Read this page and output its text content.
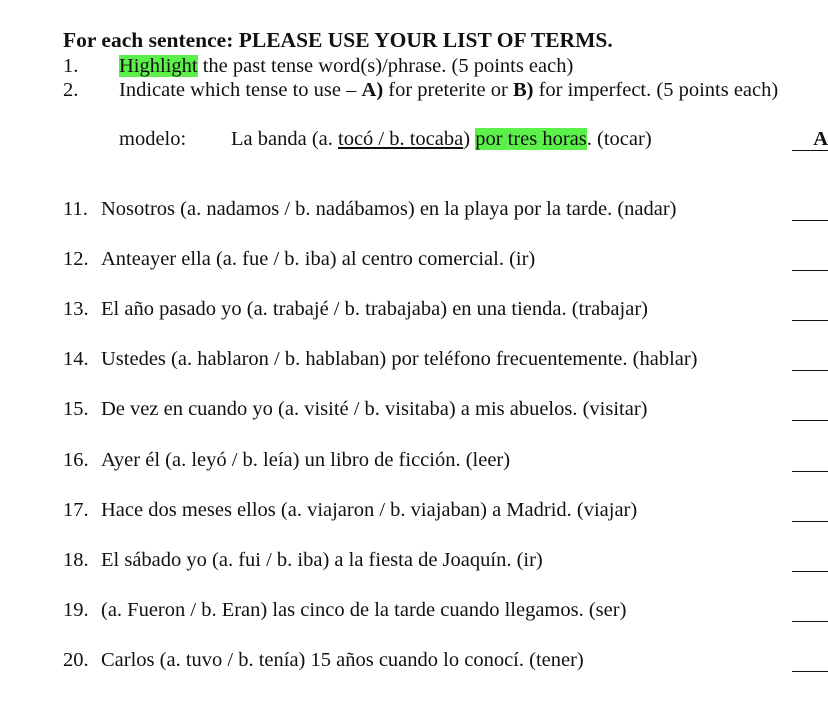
For each sentence: PLEASE USE YOUR LIST OF TERMS.
1. Highlight the past tense word(s)/phrase. (5 points each)
2. Indicate which tense to use – A) for preterite or B) for imperfect. (5 points each)
modelo: La banda (a. tocó / b. tocaba) por tres horas. (tocar)	A
11. Nosotros (a. nadamos / b. nadábamos) en la playa por la tarde. (nadar)
12. Anteayer ella (a. fue / b. iba) al centro comercial. (ir)
13. El año pasado yo (a. trabajé / b. trabajaba) en una tienda. (trabajar)
14. Ustedes (a. hablaron / b. hablaban) por teléfono frecuentemente. (hablar)
15. De vez en cuando yo (a. visité / b. visitaba) a mis abuelos. (visitar)
16. Ayer él (a. leyó / b. leía) un libro de ficción. (leer)
17. Hace dos meses ellos (a. viajaron / b. viajaban) a Madrid. (viajar)
18. El sábado yo (a. fui / b. iba) a la fiesta de Joaquín. (ir)
19. (a. Fueron / b. Eran) las cinco de la tarde cuando llegamos. (ser)
20. Carlos (a. tuvo / b. tenía) 15 años cuando lo conocí. (tener)
